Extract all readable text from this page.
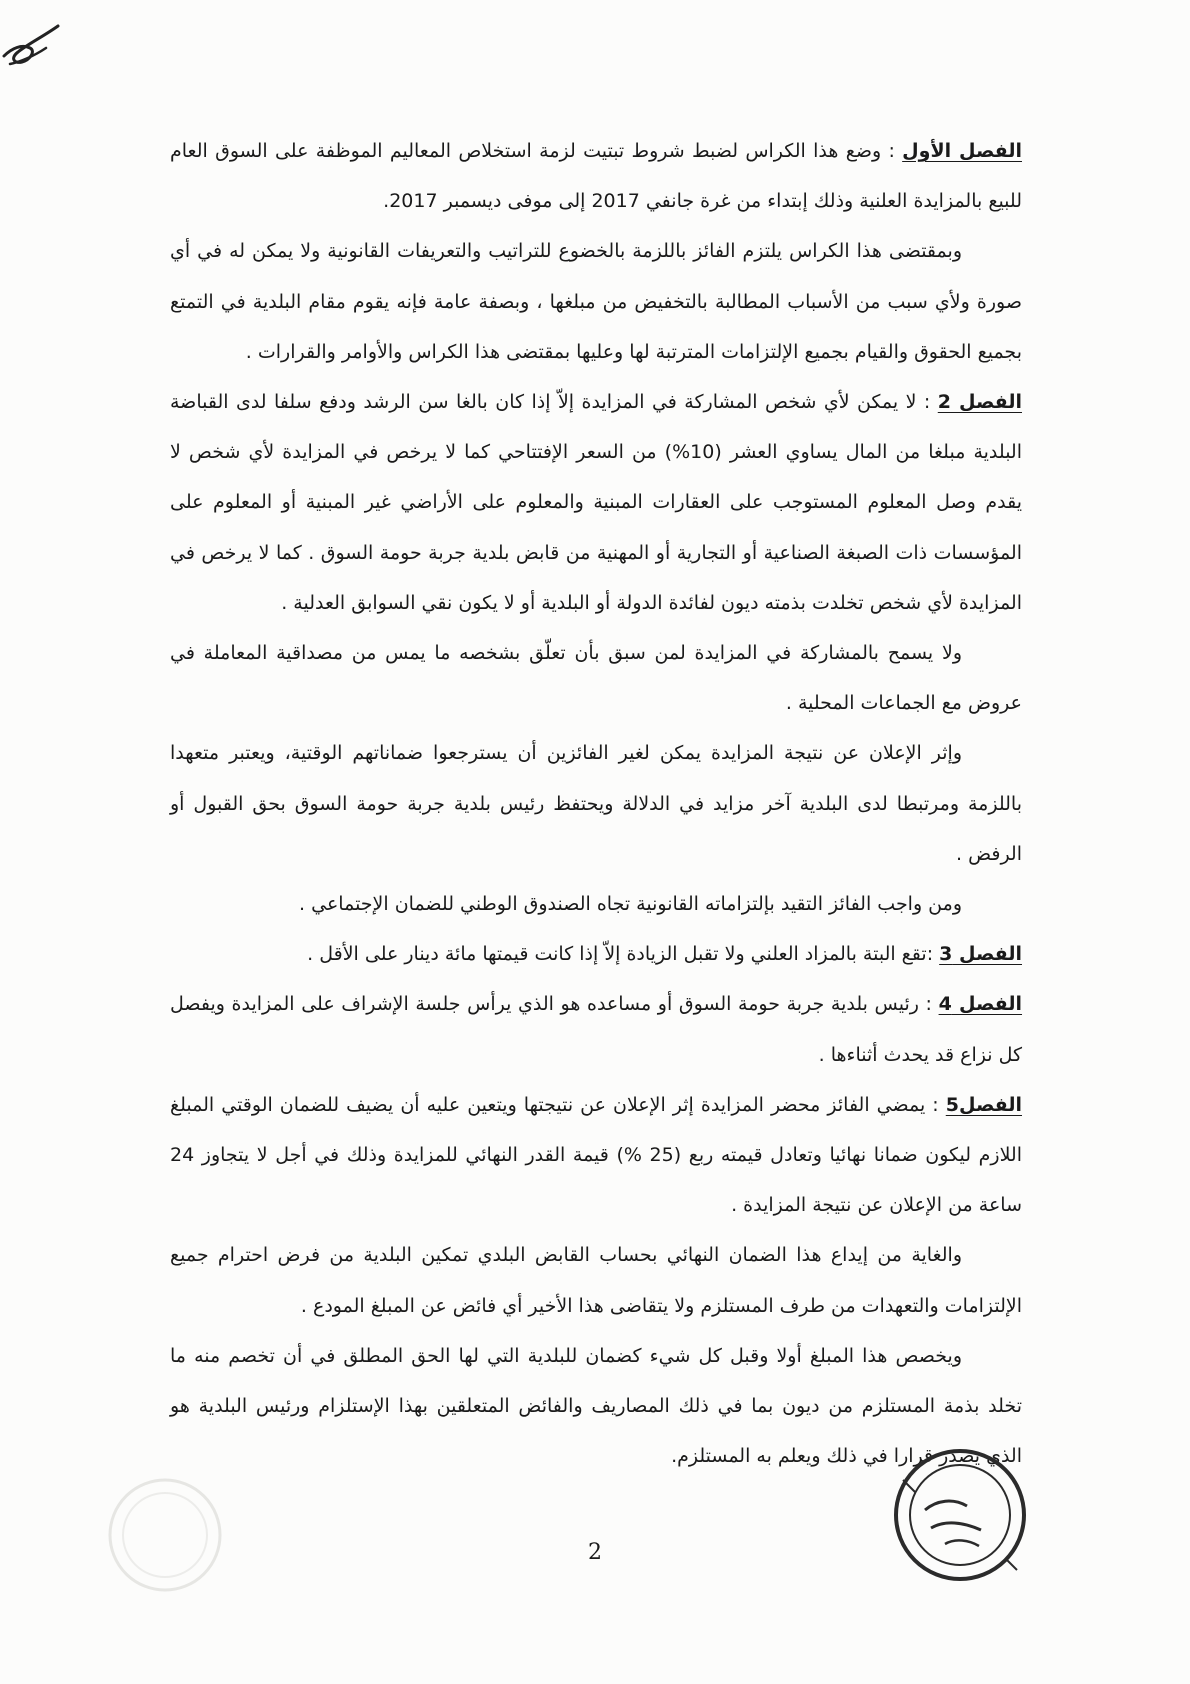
الفصل الأول : وضع هذا الكراس لضبط شروط تبتيت لزمة استخلاص المعاليم الموظفة على السوق العام للبيع بالمزايدة العلنية وذلك إبتداء من غرة جانفي 2017 إلى موفى ديسمبر 2017.

وبمقتضى هذا الكراس يلتزم الفائز باللزمة بالخضوع للتراتيب والتعريفات القانونية ولا يمكن له في أي صورة ولأي سبب من الأسباب المطالبة بالتخفيض من مبلغها ، وبصفة عامة فإنه يقوم مقام البلدية في التمتع بجميع الحقوق والقيام بجميع الإلتزامات المترتبة لها وعليها بمقتضى هذا الكراس والأوامر والقرارات .

الفصل 2 : لا يمكن لأي شخص المشاركة في المزايدة إلاّ إذا كان بالغا سن الرشد ودفع سلفا لدى القباضة البلدية مبلغا من المال يساوي العشر (10%) من السعر الإفتتاحي كما لا يرخص في المزايدة لأي شخص لا يقدم وصل المعلوم المستوجب على العقارات المبنية والمعلوم على الأراضي غير المبنية أو المعلوم على المؤسسات ذات الصبغة الصناعية أو التجارية أو المهنية من قابض بلدية جربة حومة السوق . كما لا يرخص في المزايدة لأي شخص تخلدت بذمته ديون لفائدة الدولة أو البلدية أو لا يكون نقي السوابق العدلية .

ولا يسمح بالمشاركة في المزايدة لمن سبق بأن تعلّق بشخصه ما يمس من مصداقية المعاملة في عروض مع الجماعات المحلية .

وإثر الإعلان عن نتيجة المزايدة يمكن لغير الفائزين أن يسترجعوا ضماناتهم الوقتية، ويعتبر متعهدا باللزمة ومرتبطا لدى البلدية آخر مزايد في الدلالة ويحتفظ رئيس بلدية جربة حومة السوق بحق القبول أو الرفض .

ومن واجب الفائز التقيد بإلتزاماته القانونية تجاه الصندوق الوطني للضمان الإجتماعي .

الفصل 3 :تقع البتة بالمزاد العلني ولا تقبل الزيادة إلاّ إذا كانت قيمتها مائة دينار على الأقل .

الفصل 4 : رئيس بلدية جربة حومة السوق أو مساعده هو الذي يرأس جلسة الإشراف على المزايدة ويفصل كل نزاع قد يحدث أثناءها .

الفصل5 : يمضي الفائز محضر المزايدة إثر الإعلان عن نتيجتها ويتعين عليه أن يضيف للضمان الوقتي المبلغ اللازم ليكون ضمانا نهائيا وتعادل قيمته ربع (25 %) قيمة القدر النهائي للمزايدة وذلك في أجل لا يتجاوز 24 ساعة من الإعلان عن نتيجة المزايدة .

والغاية من إيداع هذا الضمان النهائي بحساب القابض البلدي تمكين البلدية من فرض احترام جميع الإلتزامات والتعهدات من طرف المستلزم ولا يتقاضى هذا الأخير أي فائض عن المبلغ المودع .

ويخصص هذا المبلغ أولا وقبل كل شيء كضمان للبلدية التي لها الحق المطلق في أن تخصم منه ما تخلد بذمة المستلزم من ديون بما في ذلك المصاريف والفائض المتعلقين بهذا الإستلزام ورئيس البلدية هو الذي يصدر قرارا في ذلك ويعلم به المستلزم.

2
